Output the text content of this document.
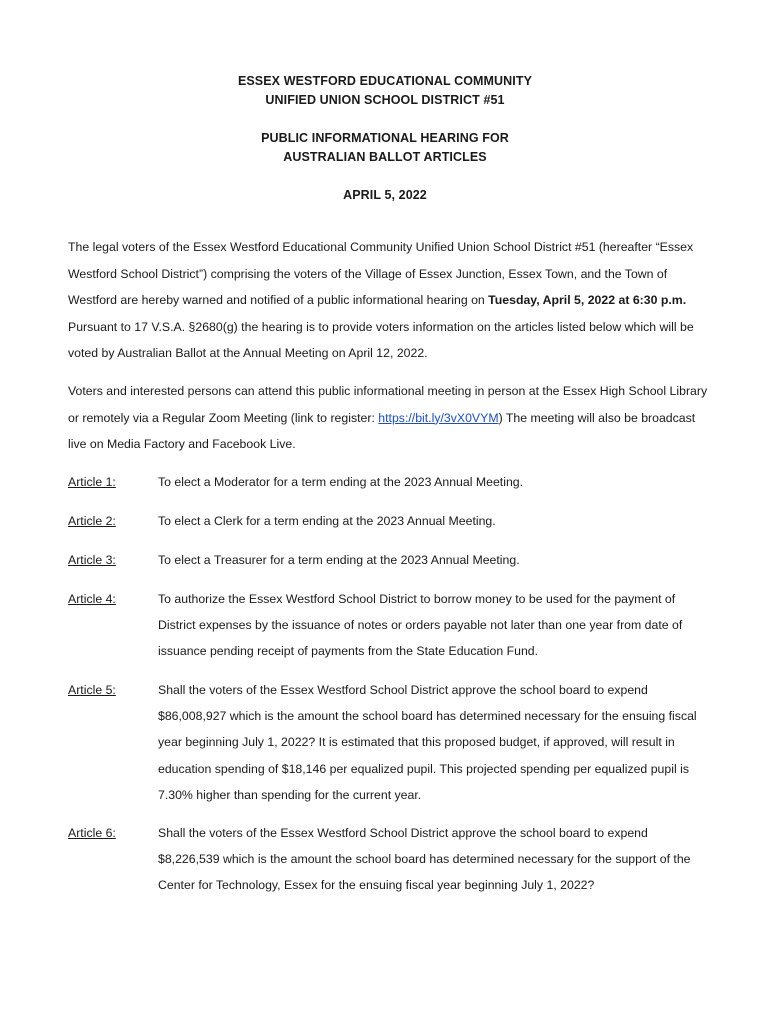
ESSEX WESTFORD EDUCATIONAL COMMUNITY
UNIFIED UNION SCHOOL DISTRICT #51
PUBLIC INFORMATIONAL HEARING FOR
AUSTRALIAN BALLOT ARTICLES
APRIL 5, 2022
The legal voters of the Essex Westford Educational Community Unified Union School District #51 (hereafter “Essex Westford School District”) comprising the voters of the Village of Essex Junction, Essex Town, and the Town of Westford are hereby warned and notified of a public informational hearing on Tuesday, April 5, 2022 at 6:30 p.m. Pursuant to 17 V.S.A. §2680(g) the hearing is to provide voters information on the articles listed below which will be voted by Australian Ballot at the Annual Meeting on April 12, 2022.
Voters and interested persons can attend this public informational meeting in person at the Essex High School Library or remotely via a Regular Zoom Meeting (link to register: https://bit.ly/3vX0VYM) The meeting will also be broadcast live on Media Factory and Facebook Live.
Article 1:	To elect a Moderator for a term ending at the 2023 Annual Meeting.
Article 2:	To elect a Clerk for a term ending at the 2023 Annual Meeting.
Article 3:	To elect a Treasurer for a term ending at the 2023 Annual Meeting.
Article 4:	To authorize the Essex Westford School District to borrow money to be used for the payment of District expenses by the issuance of notes or orders payable not later than one year from date of issuance pending receipt of payments from the State Education Fund.
Article 5:	Shall the voters of the Essex Westford School District approve the school board to expend $86,008,927 which is the amount the school board has determined necessary for the ensuing fiscal year beginning July 1, 2022? It is estimated that this proposed budget, if approved, will result in education spending of $18,146 per equalized pupil. This projected spending per equalized pupil is 7.30% higher than spending for the current year.
Article 6:	Shall the voters of the Essex Westford School District approve the school board to expend $8,226,539 which is the amount the school board has determined necessary for the support of the Center for Technology, Essex for the ensuing fiscal year beginning July 1, 2022?
